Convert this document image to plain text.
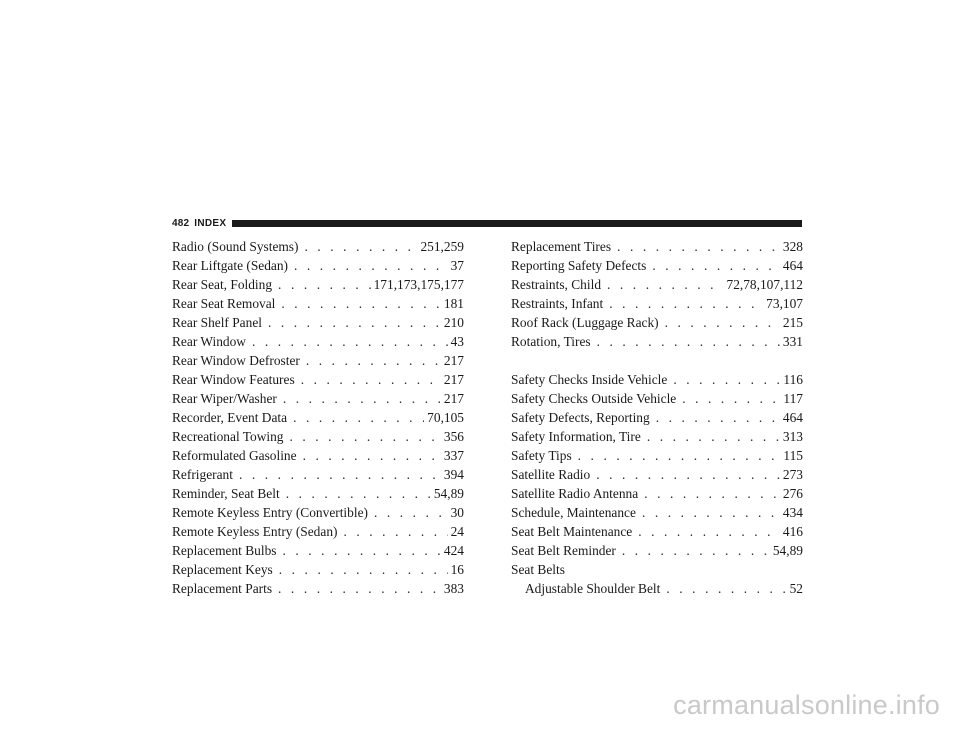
482 INDEX
Radio (Sound Systems) . . .	251,259
Rear Liftgate (Sedan) . . .	37
Rear Seat, Folding . . .	171,173,175,177
Rear Seat Removal . . .	181
Rear Shelf Panel . . .	210
Rear Window . . .	43
Rear Window Defroster . . .	217
Rear Window Features . . .	217
Rear Wiper/Washer . . .	217
Recorder, Event Data . . .	70,105
Recreational Towing . . .	356
Reformulated Gasoline . . .	337
Refrigerant . . .	394
Reminder, Seat Belt . . .	54,89
Remote Keyless Entry (Convertible) . . .	30
Remote Keyless Entry (Sedan) . . .	24
Replacement Bulbs . . .	424
Replacement Keys . . .	16
Replacement Parts . . .	383
Replacement Tires . . .	328
Reporting Safety Defects . . .	464
Restraints, Child . . .	72,78,107,112
Restraints, Infant . . .	73,107
Roof Rack (Luggage Rack) . . .	215
Rotation, Tires . . .	331
Safety Checks Inside Vehicle . . .	116
Safety Checks Outside Vehicle . . .	117
Safety Defects, Reporting . . .	464
Safety Information, Tire . . .	313
Safety Tips . . .	115
Satellite Radio . . .	273
Satellite Radio Antenna . . .	276
Schedule, Maintenance . . .	434
Seat Belt Maintenance . . .	416
Seat Belt Reminder . . .	54,89
Seat Belts
Adjustable Shoulder Belt . . .	52
carmanualsonline.info
